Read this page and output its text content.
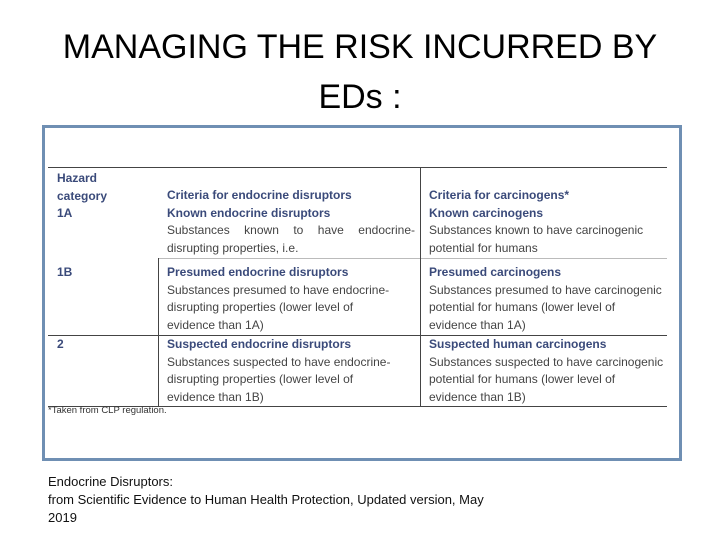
MANAGING THE RISK INCURRED BY
EDs :
Hazard
category
1A
1B
2
Criteria for endocrine disruptors
Known endocrine disruptors
Substances known to have endocrine-
disrupting properties, i.e.
Presumed endocrine disruptors
Substances presumed to have endocrine-
disrupting properties (lower level of
evidence than 1A)
Suspected endocrine disruptors
Substances suspected to have endocrine-
disrupting properties (lower level of
evidence than 1B)
Criteria for carcinogens*
Known carcinogens
Substances known to have carcinogenic
potential for humans
Presumed carcinogens
Substances presumed to have carcinogenic
potential for humans (lower level of
evidence than 1A)
Suspected human carcinogens
Substances suspected to have carcinogenic
potential for humans (lower level of
evidence than 1B)
*Taken from CLP regulation.
Endocrine Disruptors:
from Scientific Evidence to Human Health Protection, Updated version, May
2019
